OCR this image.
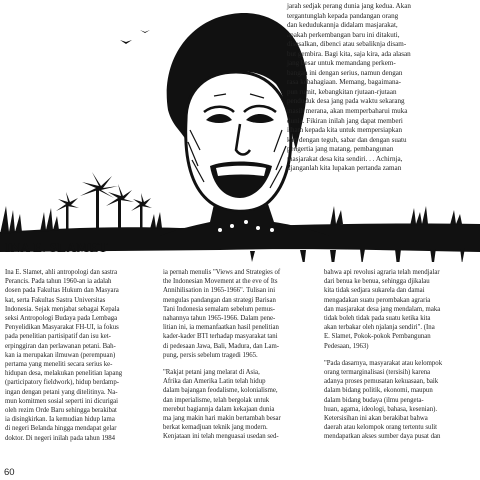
jarah sedjak perang dunia jang kedua. Akan
tergantunglah kepada pandangan orang
dan kedudukannja didalam masjarakat,
apakah perkembangan baru ini ditakuti,
disesalkan, dibenci atau sebaliknja disam-
but gembira. Bagi kita, saja kira, ada alasan
jang besar untuk memandang perkem-
bangan ini dengan serius, namun dengan
rasa kebahagiaan. Memang, bagaimana-
pun rumit, kebangkitan rjutaan-rjutaan
penduduk desa jang pada waktu sekarang
masih merana, akan memperbaharui muka
dunia. Fikiran inilah jang dapat memberi
ilham kepada kita untuk mempersiapkan
kan dengan teguh, sabar dan dengan suatu
pengertia jang matang, pembangunan
masjarakat desa kita sendiri. . . Achirnja,
djanganlah kita lupakan pertanda zaman
INA E. SLAMET
Ina E. Slamet, ahli antropologi dan sastra
Perancis. Pada tahun 1960-an ia adalah
dosen pada Fakultas Hukum dan Masyara
kat, serta Fakultas Sastra Universitas
Indonesia. Sejak menjabat sebagai Kepala
seksi Antropologi Budaya pada Lembaga
Penyelidikan Masyarakat FH-UI, ia fokus
pada penelitian partisipatif dan isu ket-
erpinggiran dan perlawanan petani. Bah-
kan ia merupakan ilmuwan (perempuan)
pertama yang meneliti secara serius ke-
hidupan desa, melakukan penelitian lapang
(participatory fieldwork), hidup berdamp-
ingan dengan petani yang ditelitinya. Na-
mun komitmen sosial seperti ini dicurigai
oleh rezim Orde Baru sehingga berakibat
ia disingkirkan. Ia kemudian hidup lama
di negeri Belanda hingga mendapat gelar
doktor. Di negeri inilah pada tahun 1984
ia pernah menulis "Views and Strategies of
the Indonesian Movement at the eve of Its
Annihilisation in 1965-1966". Tulisan ini
mengulas pandangan dan strategi Barisan
Tani Indonesia semalam sebelum pemus-
nahannya tahun 1965-1966. Dalam pene-
litian ini, ia memanfaatkan hasil penelitian
kader-kader BTI terhadap masyarakat tani
di pedesaan Jawa, Bali, Madura, dan Lam-
pung, persis sebelum tragedi 1965.
"Rakjat petani jang melarat di Asia,
Afrika dan Amerika Latin telah hidup
dalam bajangan feodalisme, kolonialisme,
dan imperialisme, telah bergolak untuk
merebut bagiannja dalam kekajaan dunia
ma jang makin hari makin bertambah besar
berkat kemadjuan teknik jang modern.
Kenjataan ini telah menguasai usedan sed-
bahwa api revolusi agraria telah mendjalar
dari benua ke benua, sehingga djikalau
kita tidak sedjara sukarela dan damai
mengadakan suatu perombakan agraria
dan masjarakat desa jang mendalam, maka
tidak boleh tidak pada suatu ketika kita
akan terbakar oleh njalanja sendiri". (Ina
E. Slamet, Pokok-pokok Pembangunan
Pedesaan, 1963)
"Pada dasarnya, masyarakat atau kelompok
orang termarginalisasi (tersisih) karena
adanya proses pemusatan kekuasaan, baik
dalam bidang politik, ekonomi, maupun
dalam bidang budaya (ilmu pengeta-
huan, agama, ideologi, bahasa, kesenian).
Ketersisihan ini akan berakibat bahwa
daerah atau kelompok orang tertentu sulit
mendapatkan akses sumber daya pusat dan
60
